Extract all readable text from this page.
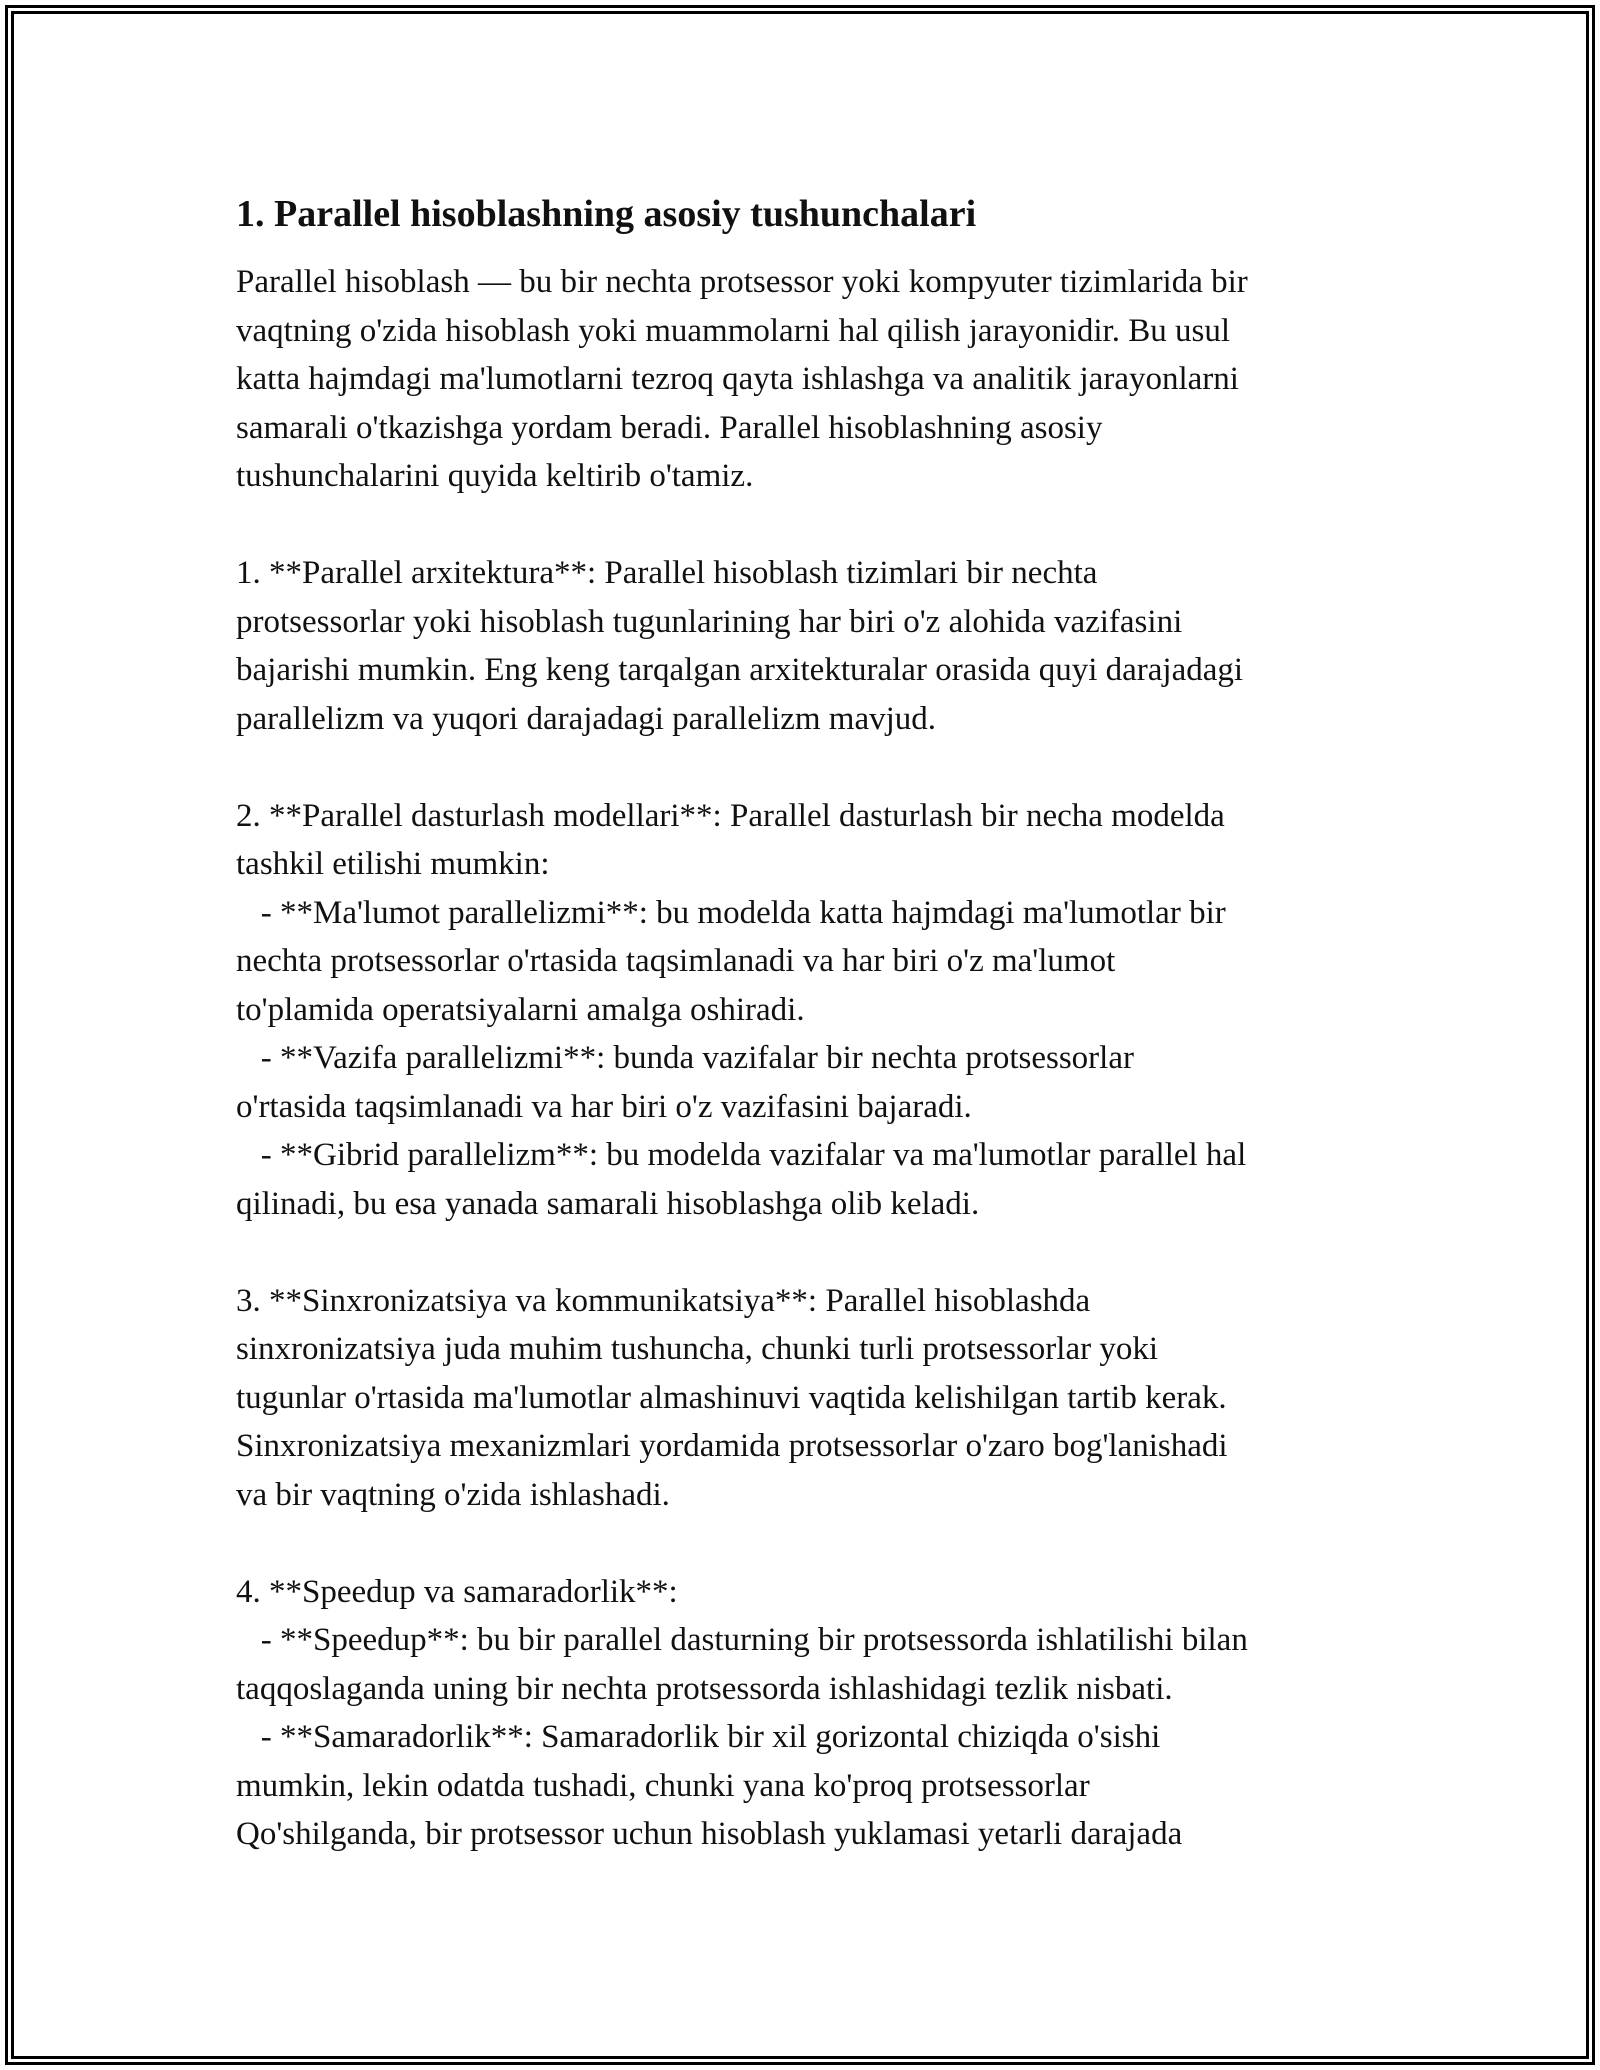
1. Parallel hisoblashning asosiy tushunchalari

Parallel hisoblash — bu bir nechta protsessor yoki kompyuter tizimlarida bir
vaqtning o'zida hisoblash yoki muammolarni hal qilish jarayonidir. Bu usul
katta hajmdagi ma'lumotlarni tezroq qayta ishlashga va analitik jarayonlarni
samarali o'tkazishga yordam beradi. Parallel hisoblashning asosiy
tushunchalarini quyida keltirib o'tamiz.

1. **Parallel arxitektura**: Parallel hisoblash tizimlari bir nechta
protsessorlar yoki hisoblash tugunlarining har biri o'z alohida vazifasini
bajarishi mumkin. Eng keng tarqalgan arxitekturalar orasida quyi darajadagi
parallelizm va yuqori darajadagi parallelizm mavjud.

2. **Parallel dasturlash modellari**: Parallel dasturlash bir necha modelda
tashkil etilishi mumkin:
- **Ma'lumot parallelizmi**: bu modelda katta hajmdagi ma'lumotlar bir
nechta protsessorlar o'rtasida taqsimlanadi va har biri o'z ma'lumot
to'plamida operatsiyalarni amalga oshiradi.
- **Vazifa parallelizmi**: bunda vazifalar bir nechta protsessorlar
o'rtasida taqsimlanadi va har biri o'z vazifasini bajaradi.
- **Gibrid parallelizm**: bu modelda vazifalar va ma'lumotlar parallel hal
qilinadi, bu esa yanada samarali hisoblashga olib keladi.

3. **Sinxronizatsiya va kommunikatsiya**: Parallel hisoblashda
sinxronizatsiya juda muhim tushuncha, chunki turli protsessorlar yoki
tugunlar o'rtasida ma'lumotlar almashinuvi vaqtida kelishilgan tartib kerak.
Sinxronizatsiya mexanizmlari yordamida protsessorlar o'zaro bog'lanishadi
va bir vaqtning o'zida ishlashadi.

4. **Speedup va samaradorlik**:
- **Speedup**: bu bir parallel dasturning bir protsessorda ishlatilishi bilan
taqqoslaganda uning bir nechta protsessorda ishlashidagi tezlik nisbati.
- **Samaradorlik**: Samaradorlik bir xil gorizontal chiziqda o'sishi
mumkin, lekin odatda tushadi, chunki yana ko'proq protsessorlar
Qo'shilganda, bir protsessor uchun hisoblash yuklamasi yetarli darajada
